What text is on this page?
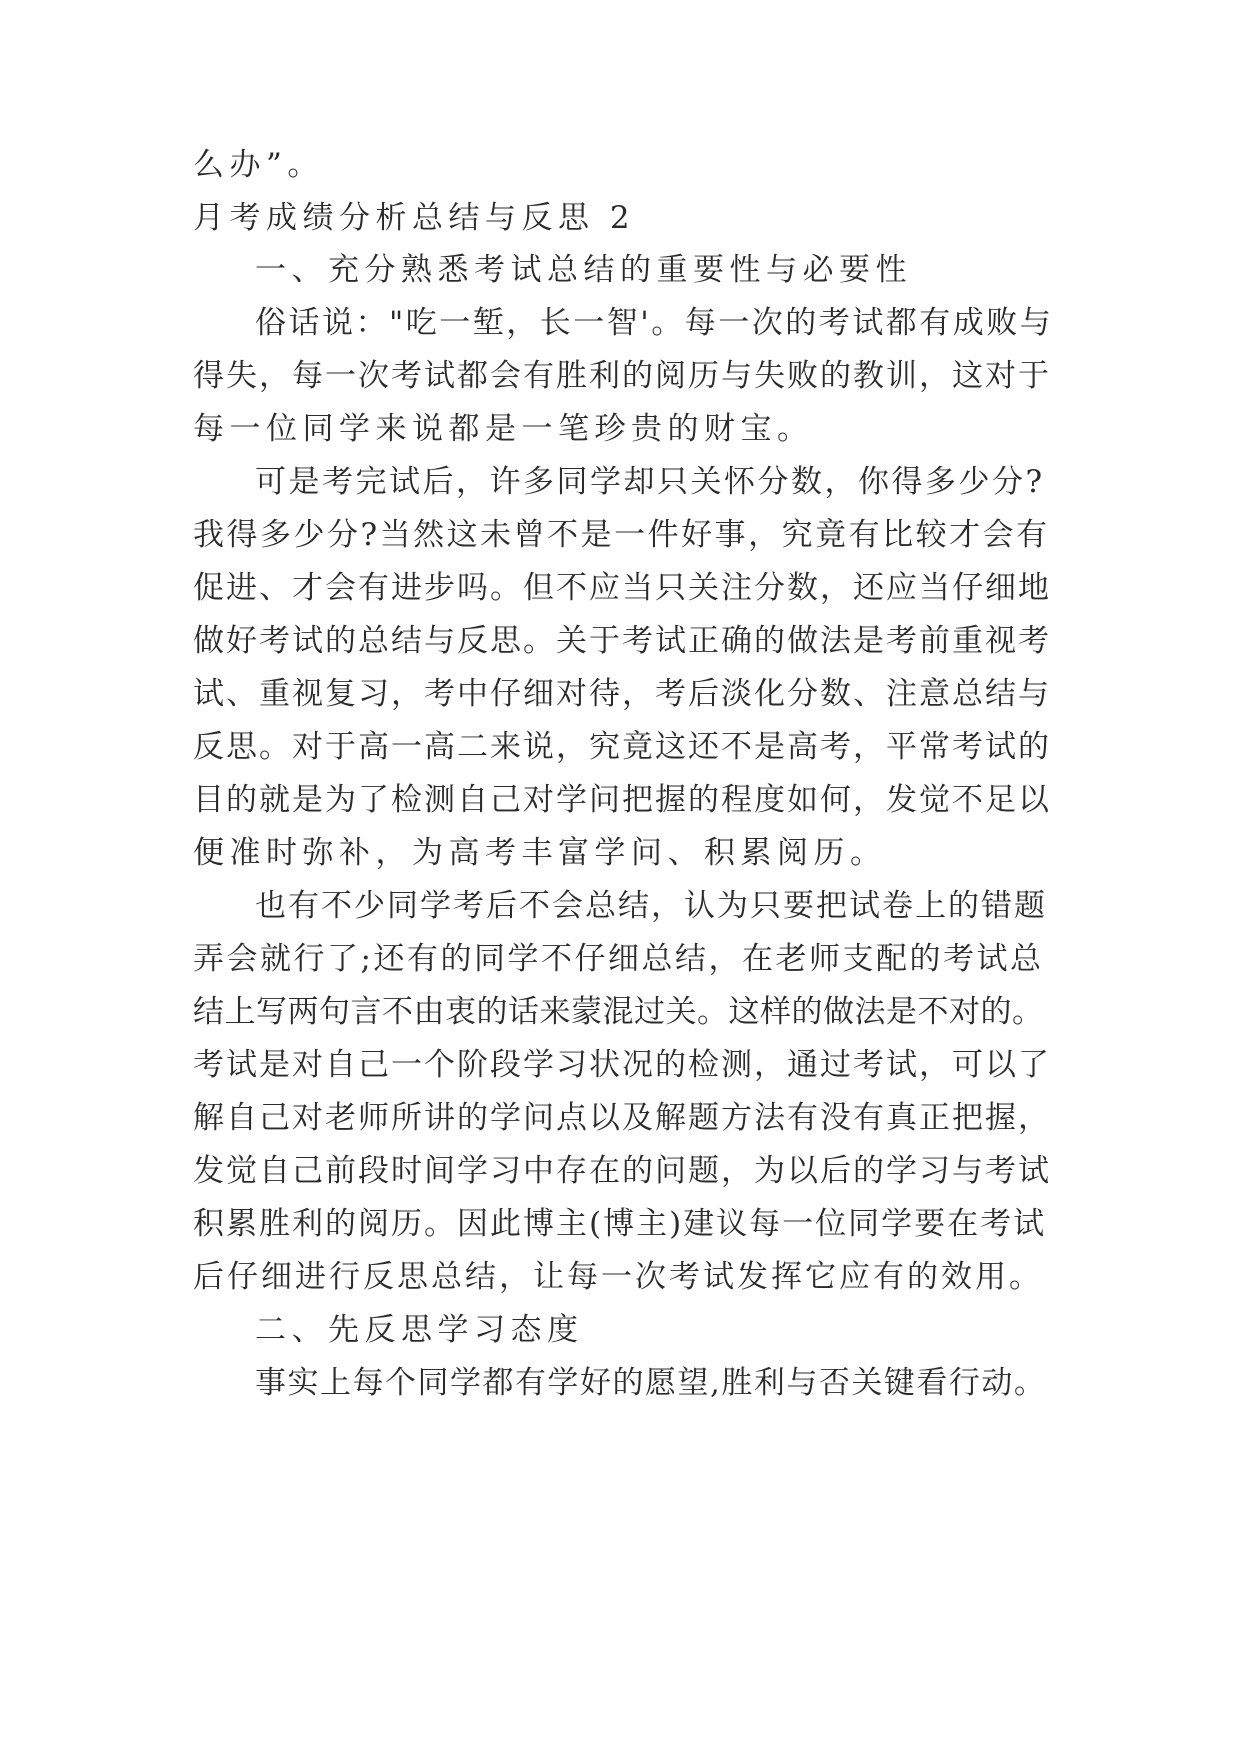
么办”。
月考成绩分析总结与反思 2
一、充分熟悉考试总结的重要性与必要性
俗话说："吃一堑，长一智'。每一次的考试都有成败与
得失，每一次考试都会有胜利的阅历与失败的教训，这对于
每一位同学来说都是一笔珍贵的财宝。
可是考完试后，许多同学却只关怀分数，你得多少分?
我得多少分?当然这未曾不是一件好事，究竟有比较才会有
促进、才会有进步吗。但不应当只关注分数，还应当仔细地
做好考试的总结与反思。关于考试正确的做法是考前重视考
试、重视复习，考中仔细对待，考后淡化分数、注意总结与
反思。对于高一高二来说，究竟这还不是高考，平常考试的
目的就是为了检测自己对学问把握的程度如何，发觉不足以
便准时弥补，为高考丰富学问、积累阅历。
也有不少同学考后不会总结，认为只要把试卷上的错题
弄会就行了;还有的同学不仔细总结，在老师支配的考试总
结上写两句言不由衷的话来蒙混过关。这样的做法是不对的。
考试是对自己一个阶段学习状况的检测，通过考试，可以了
解自己对老师所讲的学问点以及解题方法有没有真正把握，
发觉自己前段时间学习中存在的问题，为以后的学习与考试
积累胜利的阅历。因此博主(博主)建议每一位同学要在考试
后仔细进行反思总结，让每一次考试发挥它应有的效用。
二、先反思学习态度
事实上每个同学都有学好的愿望,胜利与否关键看行动。
